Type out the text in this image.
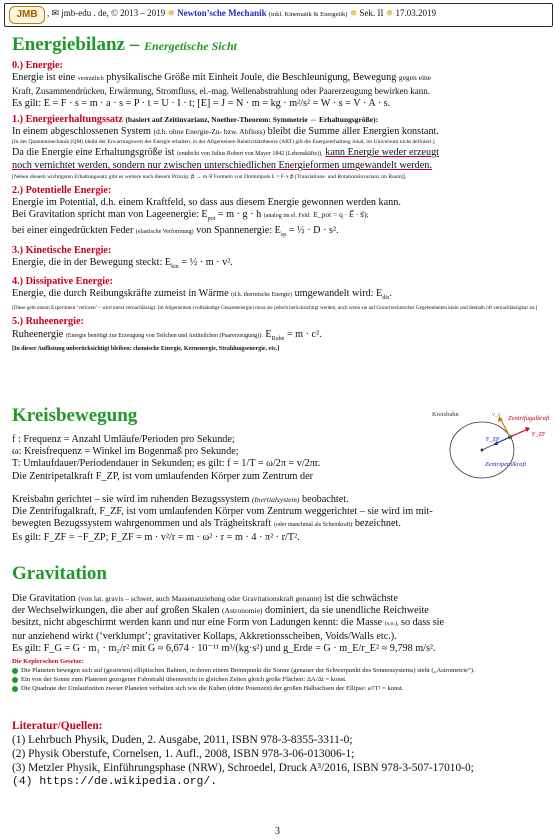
JMB	, ✉ jmb-edu . de, © 2013 – 2019 ✵ Newton’sche Mechanik (inkl. Kinematik & Energetik) ✵ Sek. II ✵ 17.03.2019
Energiebilanz – Energetische Sicht

0.) Energie:

Energie ist eine vermutlich physikalische Größe mit Einheit Joule, die Beschleunigung, Bewegung gegen eine

Kraft, Zusammendrücken, Erwärmung, Stromfluss, el.-mag. Wellenabstrahlung oder Paarerzeugung bewirken kann.

Es gilt: E = F · s = m · a · s = P · t = U · I · t; [E] = J = N · m = kg · m²/s² = W · s = V · A · s.

1.) Energieerhaltungssatz (basiert auf Zeitinvarianz, Noether-Theorem: Symmetrie ⇔ Erhaltungsgröße):

In einem abgeschlossenen System (d.h. ohne Energie-Zu- bzw. Abfluss) bleibt die Summe aller Energien konstant.

[In der Quantenmechanik (QM) bleibt der Erwartungswert der Energie erhalten; in der Allgemeinen Relativitätstheorie (ART) gilt die Energieerhaltung lokal, im Universum nicht definiert.]

Da die Energie eine Erhaltungsgröße ist (entdeckt von Julius Robert von Mayer 1842 (Lebenskäfte)), kann Energie weder erzeugt

noch vernichtet werden, sondern nur zwischen unterschiedlichen Energieformen umgewandelt werden.

[Neben diesem wichtigsten Erhaltungssatz gibt es weitere nach diesem Prinzip: p⃗ → m·v⃗ Formeln von Drehimpuls L = F·x p⃗ [Translations- und Rotationsinvarianz im Raum]]

2.) Potentielle Energie:

Energie im Potential, d.h. einem Kraftfeld, so dass aus diesem Energie gewonnen werden kann.

Bei Gravitation spricht man von Lageenergie: $E_{pot} = m \cdot g \cdot h$ (analog im el. Feld: E_pot = q · E⃗ · s⃗);

bei einer eingedrückten Feder (elastische Verformung) von Spannenergie: $E_{sp}$ = ½ · D · s².

3.) Kinetische Energie:

Energie, die in der Bewegung steckt: $E_{kin}$ = ½ · m · v².

4.) Dissipative Energie:

Energie, die durch Reibungskräfte zumeist in Wärme (d.h. thermische Energie) umgewandelt wird: $E_{dis}$.

[Diese geht einem Experiment ‘verloren’ – wird meist vernachlässigt: Im Allgemeinen (vollständige Gesamtenergie) muss sie jedoch berücksichtigt werden, auch wenn sie auf Grund technischer Gegebenheiten klein und deshalb oft vernachlässigbar ist.]

5.) Ruheenergie:

Ruheenergie (Energie benötigt zur Erzeugung von Teilchen und Antiteilchen (Paarerzeugung)): $E_{Ruhe} = m \cdot c^2$.

[In dieser Auflistung unberücksichtigt bleiben: chemische Energie, Kernenergie, Strahlungsenergie, etc.]

Kreisbewegung

f : Frequenz = Anzahl Umläufe/Perioden pro Sekunde;

ω: Kreisfrequenz = Winkel im Bogenmaß pro Sekunde;

T: Umlaufdauer/Periodendauer in Sekunden; es gilt: f = 1/T = ω/2π = v/2πr.

Die Zentripetalkraft F_ZP, ist vom umlaufenden Körper zum Zentrum der

Kreisbahn gerichtet – sie wird im ruhenden Bezugssystem (Inertialsystem) beobachtet.

Die Zentrifugalkraft, F_ZF, ist vom umlaufenden Körper vom Zentrum weggerichtet – sie wird im mit-

bewegten Bezugssystem wahrgenommen und als Trägheitskraft (oder manchmal als Scheinkraft) bezeichnet.

Es gilt: F_ZF = −F_ZP; F_ZF = m · v²/r = m · ω² · r = m · 4 · π² · r/T².

Kreisbahn
Zentrifugalkraft
Zentripetalkraft
F_ZF
F_ZP
v_c
Gravitation

Die Gravitation (von lat. gravis – schwer, auch Massenanziehung oder Gravitationskraft genannt) ist die schwächste

der Wechselwirkungen, die aber auf großen Skalen (Astronomie) dominiert, da sie unendliche Reichweite

besitzt, nicht abgeschirmt werden kann und nur eine Form von Ladungen kennt: die Masse (s.o.), so dass sie

nur anziehend wirkt (‘verklumpt’; gravitativer Kollaps, Akkretionsscheiben, Voids/Walls etc.).

Es gilt: F_G = G · m₁ · m₂/r² mit G ≈ 6,674 · 10⁻¹¹ m³/(kg·s²) und g_Erde = G · m_E/r_E² ≈ 9,798 m/s².

Die Keplerschen Gesetze:

Die Planeten bewegen sich auf (gestörten) elliptischen Bahnen, in deren einem Brennpunkt die Sonne (genauer der Schwerpunkt des Sonnensystems) steht („Astrometrie“).

Ein von der Sonne zum Planeten gezogener Fahrstrahl überstreicht in gleichen Zeiten gleich große Flächen: ΔA/Δt = konst.

Die Quadrate der Umlaufzeiten zweier Planeten verhalten sich wie die Kuben (dritte Potenzen) der großen Halbachsen der Ellipse: a³/T² = konst.

Literatur/Quellen:
(1) Lehrbuch Physik, Duden, 2. Ausgabe, 2011, ISBN 978-3-8355-3311-0;
(2) Physik Oberstufe, Cornelsen, 1. Aufl., 2008, ISBN 978-3-06-013006-1;
(3) Metzler Physik, Einführungsphase (NRW), Schroedel, Druck A³/2016, ISBN 978-3-507-17010-0;
(4) https://de.wikipedia.org/.
3
